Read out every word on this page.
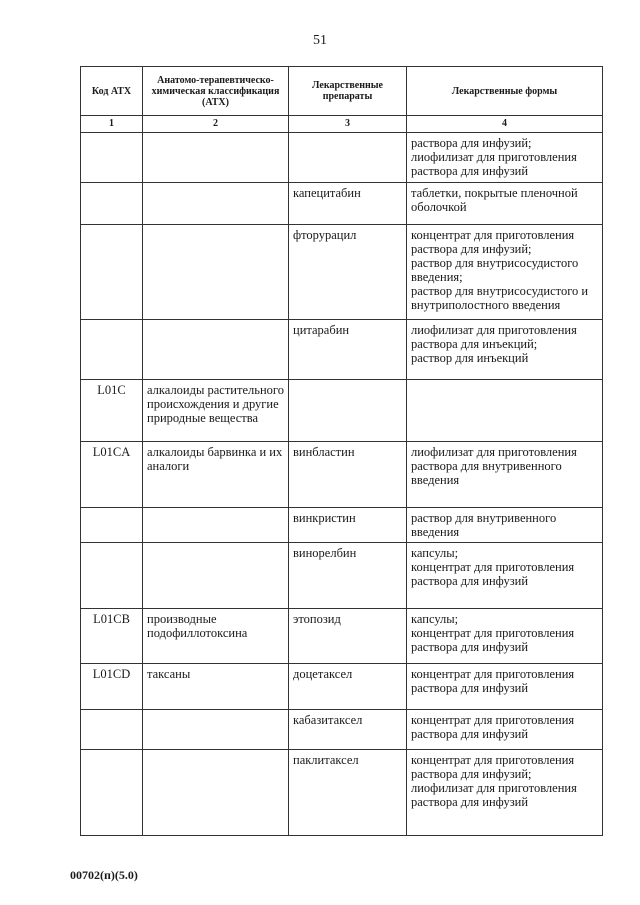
51
Код АТХ	Анатомо-терапевтическо-химическая классификация (АТХ)	Лекарственные препараты	Лекарственные формы
1	2	3	4
			раствора для инфузий;
лиофилизат для приготовления раствора для инфузий
		капецитабин	таблетки, покрытые пленочной оболочкой
		фторурацил	концентрат для приготовления раствора для инфузий;
раствор для внутрисосудистого введения;
раствор для внутрисосудистого и внутриполостного введения
		цитарабин	лиофилизат для приготовления раствора для инъекций;
раствор для инъекций
L01C	алкалоиды растительного происхождения и другие природные вещества		
L01CA	алкалоиды барвинка и их аналоги	винбластин	лиофилизат для приготовления раствора для внутривенного введения
		винкристин	раствор для внутривенного введения
		винорелбин	капсулы;
концентрат для приготовления раствора для инфузий
L01CB	производные подофиллотоксина	этопозид	капсулы;
концентрат для приготовления раствора для инфузий
L01CD	таксаны	доцетаксел	концентрат для приготовления раствора для инфузий
		кабазитаксел	концентрат для приготовления раствора для инфузий
		паклитаксел	концентрат для приготовления раствора для инфузий;
лиофилизат для приготовления раствора для инфузий
00702(п)(5.0)
